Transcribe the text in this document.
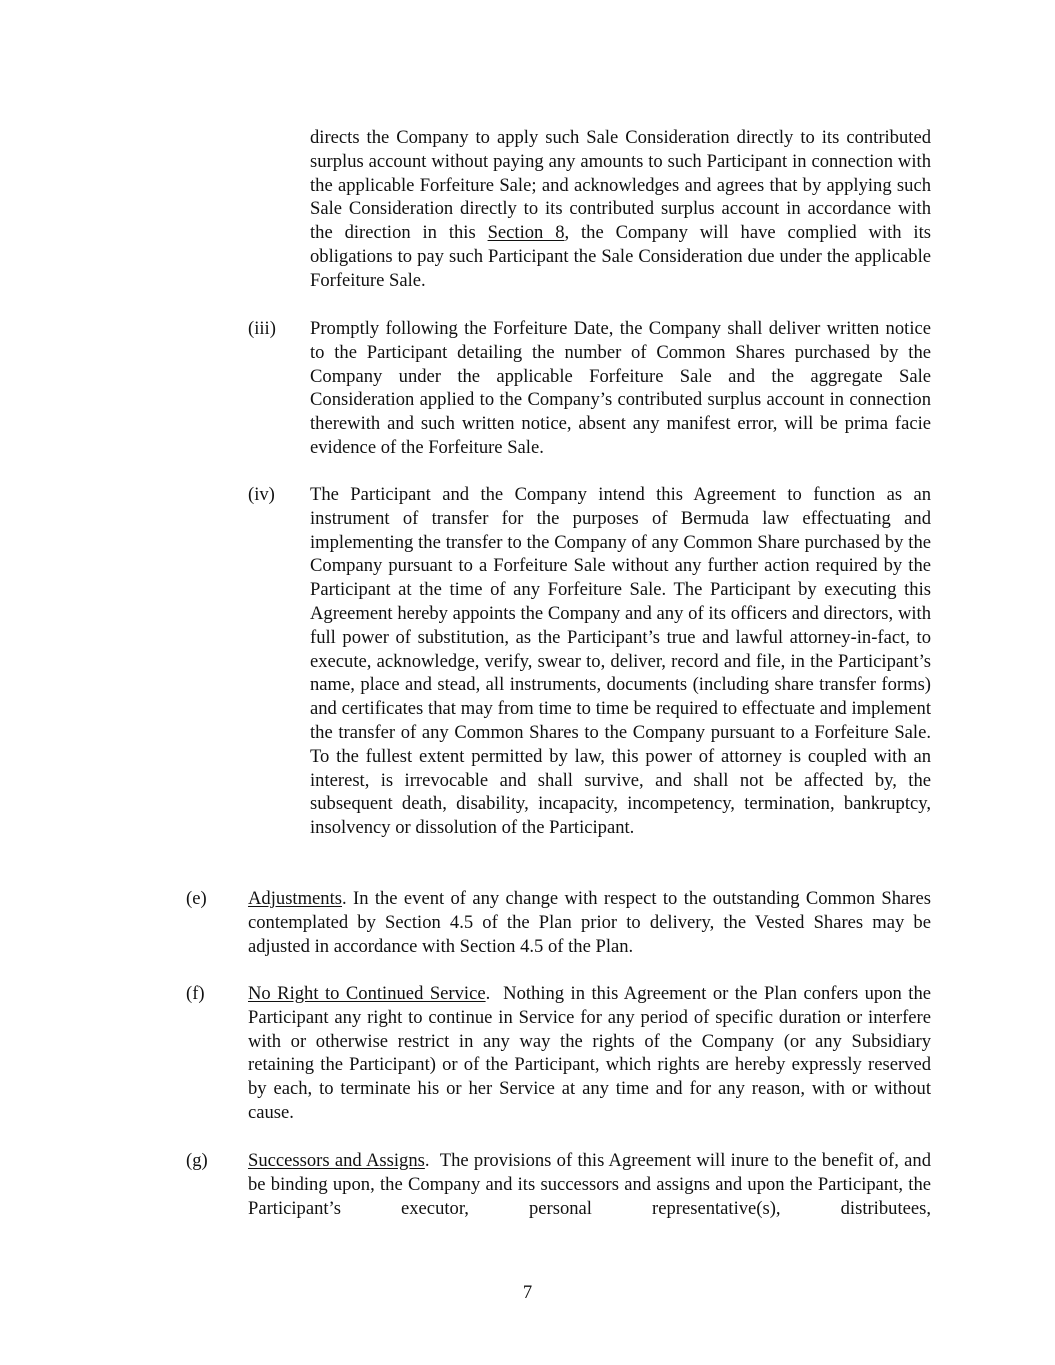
directs the Company to apply such Sale Consideration directly to its contributed surplus account without paying any amounts to such Participant in connection with the applicable Forfeiture Sale; and acknowledges and agrees that by applying such Sale Consideration directly to its contributed surplus account in accordance with the direction in this Section 8, the Company will have complied with its obligations to pay such Participant the Sale Consideration due under the applicable Forfeiture Sale.
(iii) Promptly following the Forfeiture Date, the Company shall deliver written notice to the Participant detailing the number of Common Shares purchased by the Company under the applicable Forfeiture Sale and the aggregate Sale Consideration applied to the Company’s contributed surplus account in connection therewith and such written notice, absent any manifest error, will be prima facie evidence of the Forfeiture Sale.
(iv) The Participant and the Company intend this Agreement to function as an instrument of transfer for the purposes of Bermuda law effectuating and implementing the transfer to the Company of any Common Share purchased by the Company pursuant to a Forfeiture Sale without any further action required by the Participant at the time of any Forfeiture Sale. The Participant by executing this Agreement hereby appoints the Company and any of its officers and directors, with full power of substitution, as the Participant’s true and lawful attorney-in-fact, to execute, acknowledge, verify, swear to, deliver, record and file, in the Participant’s name, place and stead, all instruments, documents (including share transfer forms) and certificates that may from time to time be required to effectuate and implement the transfer of any Common Shares to the Company pursuant to a Forfeiture Sale. To the fullest extent permitted by law, this power of attorney is coupled with an interest, is irrevocable and shall survive, and shall not be affected by, the subsequent death, disability, incapacity, incompetency, termination, bankruptcy, insolvency or dissolution of the Participant.
(e) Adjustments. In the event of any change with respect to the outstanding Common Shares contemplated by Section 4.5 of the Plan prior to delivery, the Vested Shares may be adjusted in accordance with Section 4.5 of the Plan.
(f) No Right to Continued Service.  Nothing in this Agreement or the Plan confers upon the Participant any right to continue in Service for any period of specific duration or interfere with or otherwise restrict in any way the rights of the Company (or any Subsidiary retaining the Participant) or of the Participant, which rights are hereby expressly reserved by each, to terminate his or her Service at any time and for any reason, with or without cause.
(g) Successors and Assigns.  The provisions of this Agreement will inure to the benefit of, and be binding upon, the Company and its successors and assigns and upon the Participant, the Participant’s executor, personal representative(s), distributees,
7
